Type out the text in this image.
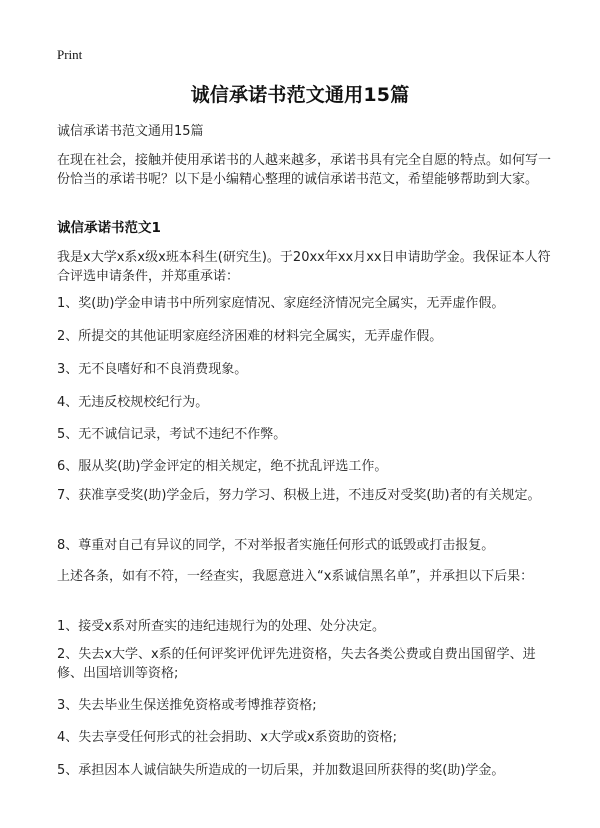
Print
诚信承诺书范文通用15篇
诚信承诺书范文通用15篇
在现在社会，接触并使用承诺书的人越来越多，承诺书具有完全自愿的特点。如何写一份恰当的承诺书呢？以下是小编精心整理的诚信承诺书范文，希望能够帮助到大家。
诚信承诺书范文1
我是x大学x系x级x班本科生(研究生)。于20xx年xx月xx日申请助学金。我保证本人符合评选申请条件，并郑重承诺：
1、奖(助)学金申请书中所列家庭情况、家庭经济情况完全属实，无弄虚作假。
2、所提交的其他证明家庭经济困难的材料完全属实，无弄虚作假。
3、无不良嗜好和不良消费现象。
4、无违反校规校纪行为。
5、无不诚信记录，考试不违纪不作弊。
6、服从奖(助)学金评定的相关规定，绝不扰乱评选工作。
7、获准享受奖(助)学金后，努力学习、积极上进，不违反对受奖(助)者的有关规定。
8、尊重对自己有异议的同学，不对举报者实施任何形式的诋毁或打击报复。
上述各条，如有不符，一经查实，我愿意进入“x系诚信黑名单”，并承担以下后果：
1、接受x系对所查实的违纪违规行为的处理、处分决定。
2、失去x大学、x系的任何评奖评优评先进资格，失去各类公费或自费出国留学、进修、出国培训等资格;
3、失去毕业生保送推免资格或考博推荐资格;
4、失去享受任何形式的社会捐助、x大学或x系资助的资格;
5、承担因本人诚信缺失所造成的一切后果，并加数退回所获得的奖(助)学金。
